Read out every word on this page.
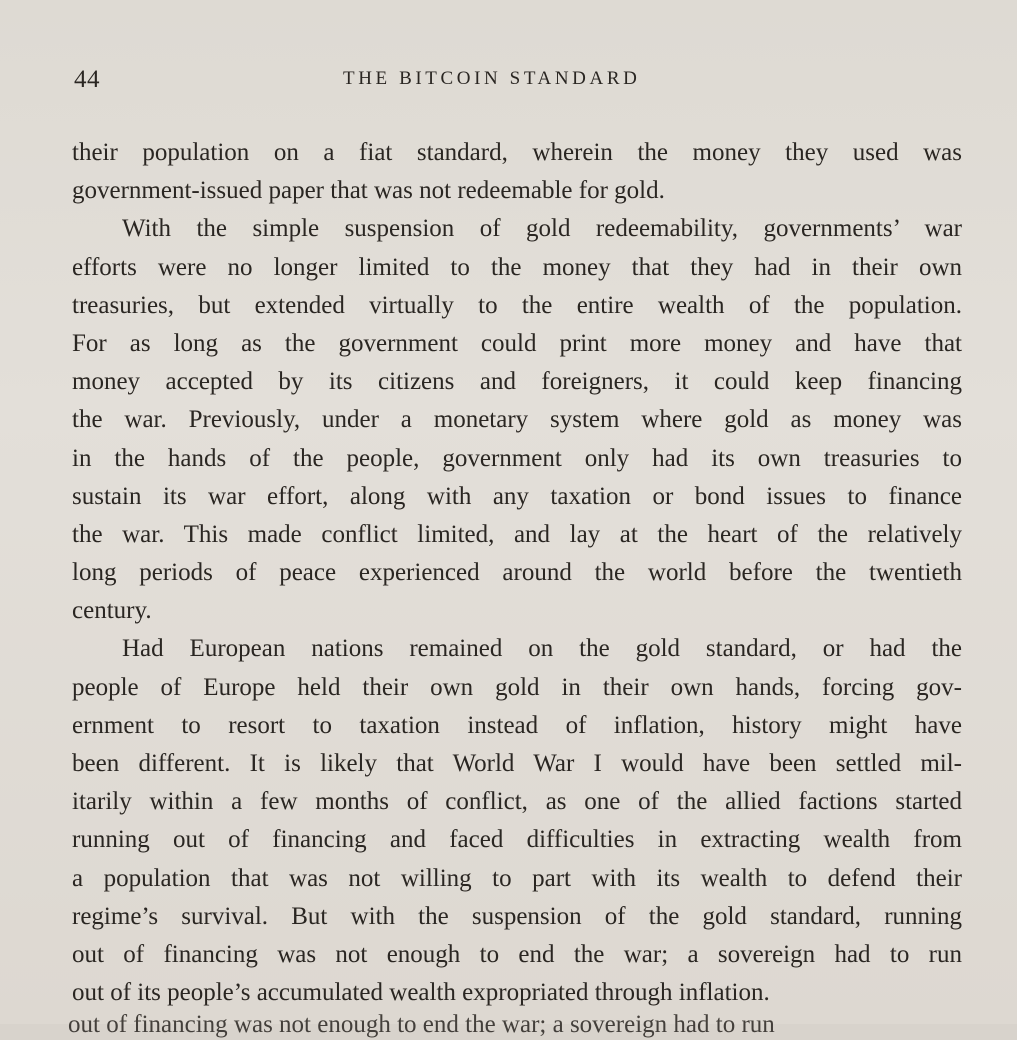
44	THE BITCOIN STANDARD
their population on a fiat standard, wherein the money they used was
government-issued paper that was not redeemable for gold.
With the simple suspension of gold redeemability, governments’ war
efforts were no longer limited to the money that they had in their own
treasuries, but extended virtually to the entire wealth of the population.
For as long as the government could print more money and have that
money accepted by its citizens and foreigners, it could keep financing
the war. Previously, under a monetary system where gold as money was
in the hands of the people, government only had its own treasuries to
sustain its war effort, along with any taxation or bond issues to finance
the war. This made conflict limited, and lay at the heart of the relatively
long periods of peace experienced around the world before the twentieth
century.
Had European nations remained on the gold standard, or had the
people of Europe held their own gold in their own hands, forcing gov-
ernment to resort to taxation instead of inflation, history might have
been different. It is likely that World War I would have been settled mil-
itarily within a few months of conflict, as one of the allied factions started
running out of financing and faced difficulties in extracting wealth from
a population that was not willing to part with its wealth to defend their
regime’s survival. But with the suspension of the gold standard, running
out of financing was not enough to end the war; a sovereign had to run
out of its people’s accumulated wealth expropriated through inflation.
out of financing was not enough to end the war; a sovereign had to run
